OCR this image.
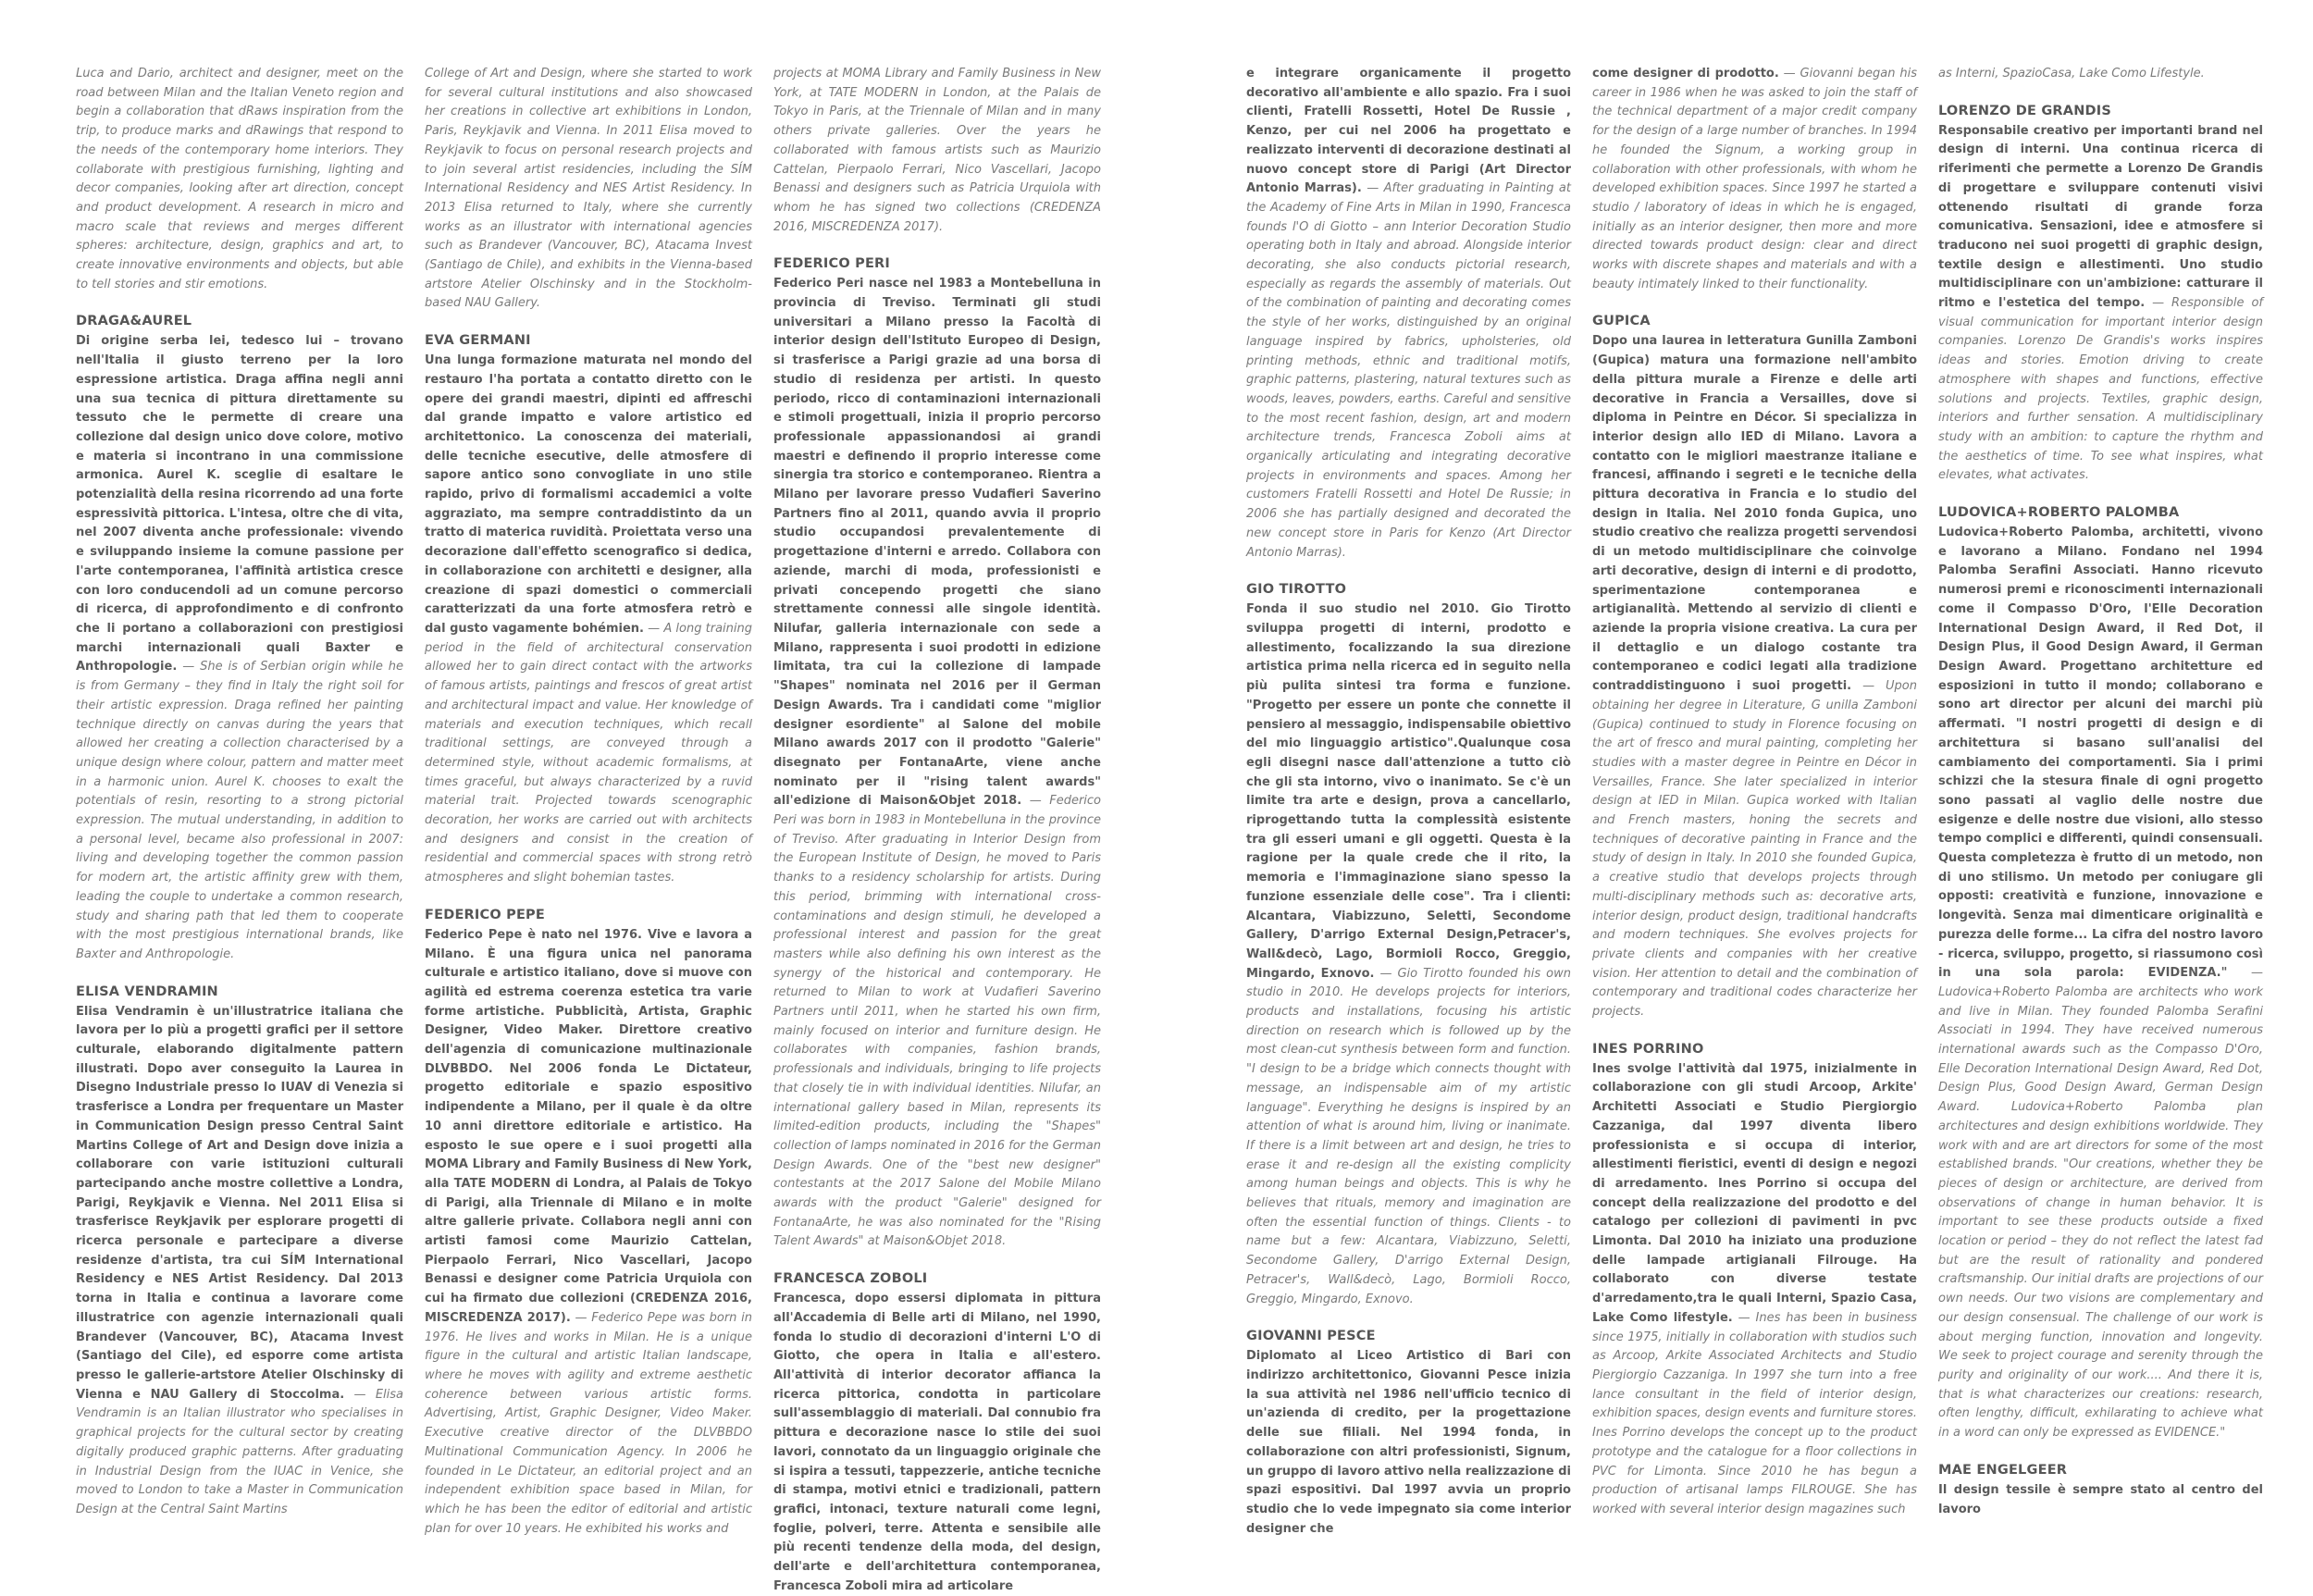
Luca and Dario, architect and designer, meet on the road between Milan and the Italian Veneto region and begin a collaboration that dRaws inspiration from the trip, to produce marks and dRawings that respond to the needs of the contemporary home interiors. They collaborate with prestigious furnishing, lighting and decor companies, looking after art direction, concept and product development. A research in micro and macro scale that reviews and merges different spheres: architecture, design, graphics and art, to create innovative environments and objects, but able to tell stories and stir emotions.

DRAGA&AUREL

Di origine serba lei, tedesco lui – trovano nell'Italia il giusto terreno per la loro espressione artistica. Draga affina negli anni una sua tecnica di pittura direttamente su tessuto che le permette di creare una collezione dal design unico dove colore, motivo e materia si incontrano in una commissione armonica. Aurel K. sceglie di esaltare le potenzialità della resina ricorrendo ad una forte espressività pittorica. L'intesa, oltre che di vita, nel 2007 diventa anche professionale: vivendo e sviluppando insieme la comune passione per l'arte contemporanea, l'affinità artistica cresce con loro conducendoli ad un comune percorso di ricerca, di approfondimento e di confronto che li portano a collaborazioni con prestigiosi marchi internazionali quali Baxter e Anthropologie. — She is of Serbian origin while he is from Germany – they find in Italy the right soil for their artistic expression. Draga refined her painting technique directly on canvas during the years that allowed her creating a collection characterised by a unique design where colour, pattern and matter meet in a harmonic union. Aurel K. chooses to exalt the potentials of resin, resorting to a strong pictorial expression. The mutual understanding, in addition to a personal level, became also professional in 2007: living and developing together the common passion for modern art, the artistic affinity grew with them, leading the couple to undertake a common research, study and sharing path that led them to cooperate with the most prestigious international brands, like Baxter and Anthropologie.

ELISA VENDRAMIN

Elisa Vendramin è un'illustratrice italiana che lavora per lo più a progetti grafici per il settore culturale, elaborando digitalmente pattern illustrati. Dopo aver conseguito la Laurea in Disegno Industriale presso lo IUAV di Venezia si trasferisce a Londra per frequentare un Master in Communication Design presso Central Saint Martins College of Art and Design dove inizia a collaborare con varie istituzioni culturali partecipando anche mostre collettive a Londra, Parigi, Reykjavik e Vienna. Nel 2011 Elisa si trasferisce Reykjavik per esplorare progetti di ricerca personale e partecipare a diverse residenze d'artista, tra cui SÍM International Residency e NES Artist Residency. Dal 2013 torna in Italia e continua a lavorare come illustratrice con agenzie internazionali quali Brandever (Vancouver, BC), Atacama Invest (Santiago del Cile), ed esporre come artista presso le gallerie-artstore Atelier Olschinsky di Vienna e NAU Gallery di Stoccolma. — Elisa Vendramin is an Italian illustrator who specialises in graphical projects for the cultural sector by creating digitally produced graphic patterns. After graduating in Industrial Design from the IUAC in Venice, she moved to London to take a Master in Communication Design at the Central Saint Martins

College of Art and Design, where she started to work for several cultural institutions and also showcased her creations in collective art exhibitions in London, Paris, Reykjavik and Vienna. In 2011 Elisa moved to Reykjavik to focus on personal research projects and to join several artist residencies, including the SÍM International Residency and NES Artist Residency. In 2013 Elisa returned to Italy, where she currently works as an illustrator with international agencies such as Brandever (Vancouver, BC), Atacama Invest (Santiago de Chile), and exhibits in the Vienna-based artstore Atelier Olschinsky and in the Stockholm-based NAU Gallery.

EVA GERMANI

Una lunga formazione maturata nel mondo del restauro l'ha portata a contatto diretto con le opere dei grandi maestri, dipinti ed affreschi dal grande impatto e valore artistico ed architettonico. La conoscenza dei materiali, delle tecniche esecutive, delle atmosfere di sapore antico sono convogliate in uno stile rapido, privo di formalismi accademici a volte aggraziato, ma sempre contraddistinto da un tratto di materica ruvidità. Proiettata verso una decorazione dall'effetto scenografico si dedica, in collaborazione con architetti e designer, alla creazione di spazi domestici o commerciali caratterizzati da una forte atmosfera retrò e dal gusto vagamente bohémien. — A long training period in the field of architectural conservation allowed her to gain direct contact with the artworks of famous artists, paintings and frescos of great artist and architectural impact and value. Her knowledge of materials and execution techniques, which recall traditional settings, are conveyed through a determined style, without academic formalisms, at times graceful, but always characterized by a ruvid material trait. Projected towards scenographic decoration, her works are carried out with architects and designers and consist in the creation of residential and commercial spaces with strong retrò atmospheres and slight bohemian tastes.

FEDERICO PEPE

Federico Pepe è nato nel 1976. Vive e lavora a Milano. È una figura unica nel panorama culturale e artistico italiano, dove si muove con agilità ed estrema coerenza estetica tra varie forme artistiche. Pubblicità, Artista, Graphic Designer, Video Maker. Direttore creativo dell'agenzia di comunicazione multinazionale DLVBBDO. Nel 2006 fonda Le Dictateur, progetto editoriale e spazio espositivo indipendente a Milano, per il quale è da oltre 10 anni direttore editoriale e artistico. Ha esposto le sue opere e i suoi progetti alla MOMA Library and Family Business di New York, alla TATE MODERN di Londra, al Palais de Tokyo di Parigi, alla Triennale di Milano e in molte altre gallerie private. Collabora negli anni con artisti famosi come Maurizio Cattelan, Pierpaolo Ferrari, Nico Vascellari, Jacopo Benassi e designer come Patricia Urquiola con cui ha firmato due collezioni (CREDENZA 2016, MISCREDENZA 2017). — Federico Pepe was born in 1976. He lives and works in Milan. He is a unique figure in the cultural and artistic Italian landscape, where he moves with agility and extreme aesthetic coherence between various artistic forms. Advertising, Artist, Graphic Designer, Video Maker. Executive creative director of the DLVBBDO Multinational Communication Agency. In 2006 he founded in Le Dictateur, an editorial project and an independent exhibition space based in Milan, for which he has been the editor of editorial and artistic plan for over 10 years. He exhibited his works and

projects at MOMA Library and Family Business in New York, at TATE MODERN in London, at the Palais de Tokyo in Paris, at the Triennale of Milan and in many others private galleries. Over the years he collaborated with famous artists such as Maurizio Cattelan, Pierpaolo Ferrari, Nico Vascellari, Jacopo Benassi and designers such as Patricia Urquiola with whom he has signed two collections (CREDENZA 2016, MISCREDENZA 2017).

FEDERICO PERI

Federico Peri nasce nel 1983 a Montebelluna in provincia di Treviso. Terminati gli studi universitari a Milano presso la Facoltà di interior design dell'Istituto Europeo di Design, si trasferisce a Parigi grazie ad una borsa di studio di residenza per artisti. In questo periodo, ricco di contaminazioni internazionali e stimoli progettuali, inizia il proprio percorso professionale appassionandosi ai grandi maestri e definendo il proprio interesse come sinergia tra storico e contemporaneo. Rientra a Milano per lavorare presso Vudafieri Saverino Partners fino al 2011, quando avvia il proprio studio occupandosi prevalentemente di progettazione d'interni e arredo. Collabora con aziende, marchi di moda, professionisti e privati concependo progetti che siano strettamente connessi alle singole identità. Nilufar, galleria internazionale con sede a Milano, rappresenta i suoi prodotti in edizione limitata, tra cui la collezione di lampade "Shapes" nominata nel 2016 per il German Design Awards. Tra i candidati come "miglior designer esordiente" al Salone del mobile Milano awards 2017 con il prodotto "Galerie" disegnato per FontanaArte, viene anche nominato per il "rising talent awards" all'edizione di Maison&Objet 2018. — Federico Peri was born in 1983 in Montebelluna in the province of Treviso. After graduating in Interior Design from the European Institute of Design, he moved to Paris thanks to a residency scholarship for artists. During this period, brimming with international cross-contaminations and design stimuli, he developed a professional interest and passion for the great masters while also defining his own interest as the synergy of the historical and contemporary. He returned to Milan to work at Vudafieri Saverino Partners until 2011, when he started his own firm, mainly focused on interior and furniture design. He collaborates with companies, fashion brands, professionals and individuals, bringing to life projects that closely tie in with individual identities. Nilufar, an international gallery based in Milan, represents its limited-edition products, including the "Shapes" collection of lamps nominated in 2016 for the German Design Awards. One of the "best new designer" contestants at the 2017 Salone del Mobile Milano awards with the product "Galerie" designed for FontanaArte, he was also nominated for the "Rising Talent Awards" at Maison&Objet 2018.

FRANCESCA ZOBOLI

Francesca, dopo essersi diplomata in pittura all'Accademia di Belle arti di Milano, nel 1990, fonda lo studio di decorazioni d'interni L'O di Giotto, che opera in Italia e all'estero. All'attività di interior decorator affianca la ricerca pittorica, condotta in particolare sull'assemblaggio di materiali. Dal connubio fra pittura e decorazione nasce lo stile dei suoi lavori, connotato da un linguaggio originale che si ispira a tessuti, tappezzerie, antiche tecniche di stampa, motivi etnici e tradizionali, pattern grafici, intonaci, texture naturali come legni, foglie, polveri, terre. Attenta e sensibile alle più recenti tendenze della moda, del design, dell'arte e dell'architettura contemporanea, Francesca Zoboli mira ad articolare

e integrare organicamente il progetto decorativo all'ambiente e allo spazio. Fra i suoi clienti, Fratelli Rossetti, Hotel De Russie , Kenzo, per cui nel 2006 ha progettato e realizzato interventi di decorazione destinati al nuovo concept store di Parigi (Art Director Antonio Marras). — After graduating in Painting at the Academy of Fine Arts in Milan in 1990, Francesca founds l'O di Giotto – ann Interior Decoration Studio operating both in Italy and abroad. Alongside interior decorating, she also conducts pictorial research, especially as regards the assembly of materials. Out of the combination of painting and decorating comes the style of her works, distinguished by an original language inspired by fabrics, upholsteries, old printing methods, ethnic and traditional motifs, graphic patterns, plastering, natural textures such as woods, leaves, powders, earths. Careful and sensitive to the most recent fashion, design, art and modern architecture trends, Francesca Zoboli aims at organically articulating and integrating decorative projects in environments and spaces. Among her customers Fratelli Rossetti and Hotel De Russie; in 2006 she has partially designed and decorated the new concept store in Paris for Kenzo (Art Director Antonio Marras).

GIO TIROTTO

Fonda il suo studio nel 2010. Gio Tirotto sviluppa progetti di interni, prodotto e allestimento, focalizzando la sua direzione artistica prima nella ricerca ed in seguito nella più pulita sintesi tra forma e funzione. "Progetto per essere un ponte che connette il pensiero al messaggio, indispensabile obiettivo del mio linguaggio artistico".Qualunque cosa egli disegni nasce dall'attenzione a tutto ciò che gli sta intorno, vivo o inanimato. Se c'è un limite tra arte e design, prova a cancellarlo, riprogettando tutta la complessità esistente tra gli esseri umani e gli oggetti. Questa è la ragione per la quale crede che il rito, la memoria e l'immaginazione siano spesso la funzione essenziale delle cose". Tra i clienti: Alcantara, Viabizzuno, Seletti, Secondome Gallery, D'arrigo External Design,Petracer's, Wall&decò, Lago, Bormioli Rocco, Greggio, Mingardo, Exnovo. — Gio Tirotto founded his own studio in 2010. He develops projects for interiors, products and installations, focusing his artistic direction on research which is followed up by the most clean-cut synthesis between form and function. "I design to be a bridge which connects thought with message, an indispensable aim of my artistic language". Everything he designs is inspired by an attention of what is around him, living or inanimate. If there is a limit between art and design, he tries to erase it and re-design all the existing complicity among human beings and objects. This is why he believes that rituals, memory and imagination are often the essential function of things. Clients - to name but a few: Alcantara, Viabizzuno, Seletti, Secondome Gallery, D'arrigo External Design, Petracer's, Wall&decò, Lago, Bormioli Rocco, Greggio, Mingardo, Exnovo.

GIOVANNI PESCE

Diplomato al Liceo Artistico di Bari con indirizzo architettonico, Giovanni Pesce inizia la sua attività nel 1986 nell'ufficio tecnico di un'azienda di credito, per la progettazione delle sue filiali. Nel 1994 fonda, in collaborazione con altri professionisti, Signum, un gruppo di lavoro attivo nella realizzazione di spazi espositivi. Dal 1997 avvia un proprio studio che lo vede impegnato sia come interior designer che

come designer di prodotto. — Giovanni began his career in 1986 when he was asked to join the staff of the technical department of a major credit company for the design of a large number of branches. In 1994 he founded the Signum, a working group in collaboration with other professionals, with whom he developed exhibition spaces. Since 1997 he started a studio / laboratory of ideas in which he is engaged, initially as an interior designer, then more and more directed towards product design: clear and direct works with discrete shapes and materials and with a beauty intimately linked to their functionality.

GUPICA

Dopo una laurea in letteratura Gunilla Zamboni (Gupica) matura una formazione nell'ambito della pittura murale a Firenze e delle arti decorative in Francia a Versailles, dove si diploma in Peintre en Décor. Si specializza in interior design allo IED di Milano. Lavora a contatto con le migliori maestranze italiane e francesi, affinando i segreti e le tecniche della pittura decorativa in Francia e lo studio del design in Italia. Nel 2010 fonda Gupica, uno studio creativo che realizza progetti servendosi di un metodo multidisciplinare che coinvolge arti decorative, design di interni e di prodotto, sperimentazione contemporanea e artigianalità. Mettendo al servizio di clienti e aziende la propria visione creativa. La cura per il dettaglio e un dialogo costante tra contemporaneo e codici legati alla tradizione contraddistinguono i suoi progetti. — Upon obtaining her degree in Literature, G unilla Zamboni (Gupica) continued to study in Florence focusing on the art of fresco and mural painting, completing her studies with a master degree in Peintre en Décor in Versailles, France. She later specialized in interior design at IED in Milan. Gupica worked with Italian and French masters, honing the secrets and techniques of decorative painting in France and the study of design in Italy. In 2010 she founded Gupica, a creative studio that develops projects through multi-disciplinary methods such as: decorative arts, interior design, product design, traditional handcrafts and modern techniques. She evolves projects for private clients and companies with her creative vision. Her attention to detail and the combination of contemporary and traditional codes characterize her projects.

INES PORRINO

Ines svolge l'attività dal 1975, inizialmente in collaborazione con gli studi Arcoop, Arkite' Architetti Associati e Studio Piergiorgio Cazzaniga, dal 1997 diventa libero professionista e si occupa di interior, allestimenti fieristici, eventi di design e negozi di arredamento. Ines Porrino si occupa del concept della realizzazione del prodotto e del catalogo per collezioni di pavimenti in pvc Limonta. Dal 2010 ha iniziato una produzione delle lampade artigianali Filrouge. Ha collaborato con diverse testate d'arredamento,tra le quali Interni, Spazio Casa, Lake Como lifestyle. — Ines has been in business since 1975, initially in collaboration with studios such as Arcoop, Arkite Associated Architects and Studio Piergiorgio Cazzaniga. In 1997 she turn into a free lance consultant in the field of interior design, exhibition spaces, design events and furniture stores. Ines Porrino develops the concept up to the product prototype and the catalogue for a floor collections in PVC for Limonta. Since 2010 he has begun a production of artisanal lamps FILROUGE. She has worked with several interior design magazines such

as Interni, SpazioCasa, Lake Como Lifestyle.

LORENZO DE GRANDIS

Responsabile creativo per importanti brand nel design di interni. Una continua ricerca di riferimenti che permette a Lorenzo De Grandis di progettare e sviluppare contenuti visivi ottenendo risultati di grande forza comunicativa. Sensazioni, idee e atmosfere si traducono nei suoi progetti di graphic design, textile design e allestimenti. Uno studio multidisciplinare con un'ambizione: catturare il ritmo e l'estetica del tempo. — Responsible of visual communication for important interior design companies. Lorenzo De Grandis's works inspires ideas and stories. Emotion driving to create atmosphere with shapes and functions, effective solutions and projects. Textiles, graphic design, interiors and further sensation. A multidisciplinary study with an ambition: to capture the rhythm and the aesthetics of time. To see what inspires, what elevates, what activates.

LUDOVICA+ROBERTO PALOMBA

Ludovica+Roberto Palomba, architetti, vivono e lavorano a Milano. Fondano nel 1994 Palomba Serafini Associati. Hanno ricevuto numerosi premi e riconoscimenti internazionali come il Compasso D'Oro, l'Elle Decoration International Design Award, il Red Dot, il Design Plus, il Good Design Award, il German Design Award. Progettano architetture ed esposizioni in tutto il mondo; collaborano e sono art director per alcuni dei marchi più affermati. "I nostri progetti di design e di architettura si basano sull'analisi del cambiamento dei comportamenti. Sia i primi schizzi che la stesura finale di ogni progetto sono passati al vaglio delle nostre due esigenze e delle nostre due visioni, allo stesso tempo complici e differenti, quindi consensuali. Questa completezza è frutto di un metodo, non di uno stilismo. Un metodo per coniugare gli opposti: creatività e funzione, innovazione e longevità. Senza mai dimenticare originalità e purezza delle forme... La cifra del nostro lavoro - ricerca, sviluppo, progetto, si riassumono così in una sola parola: EVIDENZA." — Ludovica+Roberto Palomba are architects who work and live in Milan. They founded Palomba Serafini Associati in 1994. They have received numerous international awards such as the Compasso D'Oro, Elle Decoration International Design Award, Red Dot, Design Plus, Good Design Award, German Design Award. Ludovica+Roberto Palomba plan architectures and design exhibitions worldwide. They work with and are art directors for some of the most established brands. "Our creations, whether they be pieces of design or architecture, are derived from observations of change in human behavior. It is important to see these products outside a fixed location or period – they do not reflect the latest fad but are the result of rationality and pondered craftsmanship. Our initial drafts are projections of our own needs. Our two visions are complementary and our design consensual. The challenge of our work is about merging function, innovation and longevity. We seek to project courage and serenity through the purity and originality of our work.... And there it is, that is what characterizes our creations: research, often lengthy, difficult, exhilarating to achieve what in a word can only be expressed as EVIDENCE."

MAE ENGELGEER

Il design tessile è sempre stato al centro del lavoro
